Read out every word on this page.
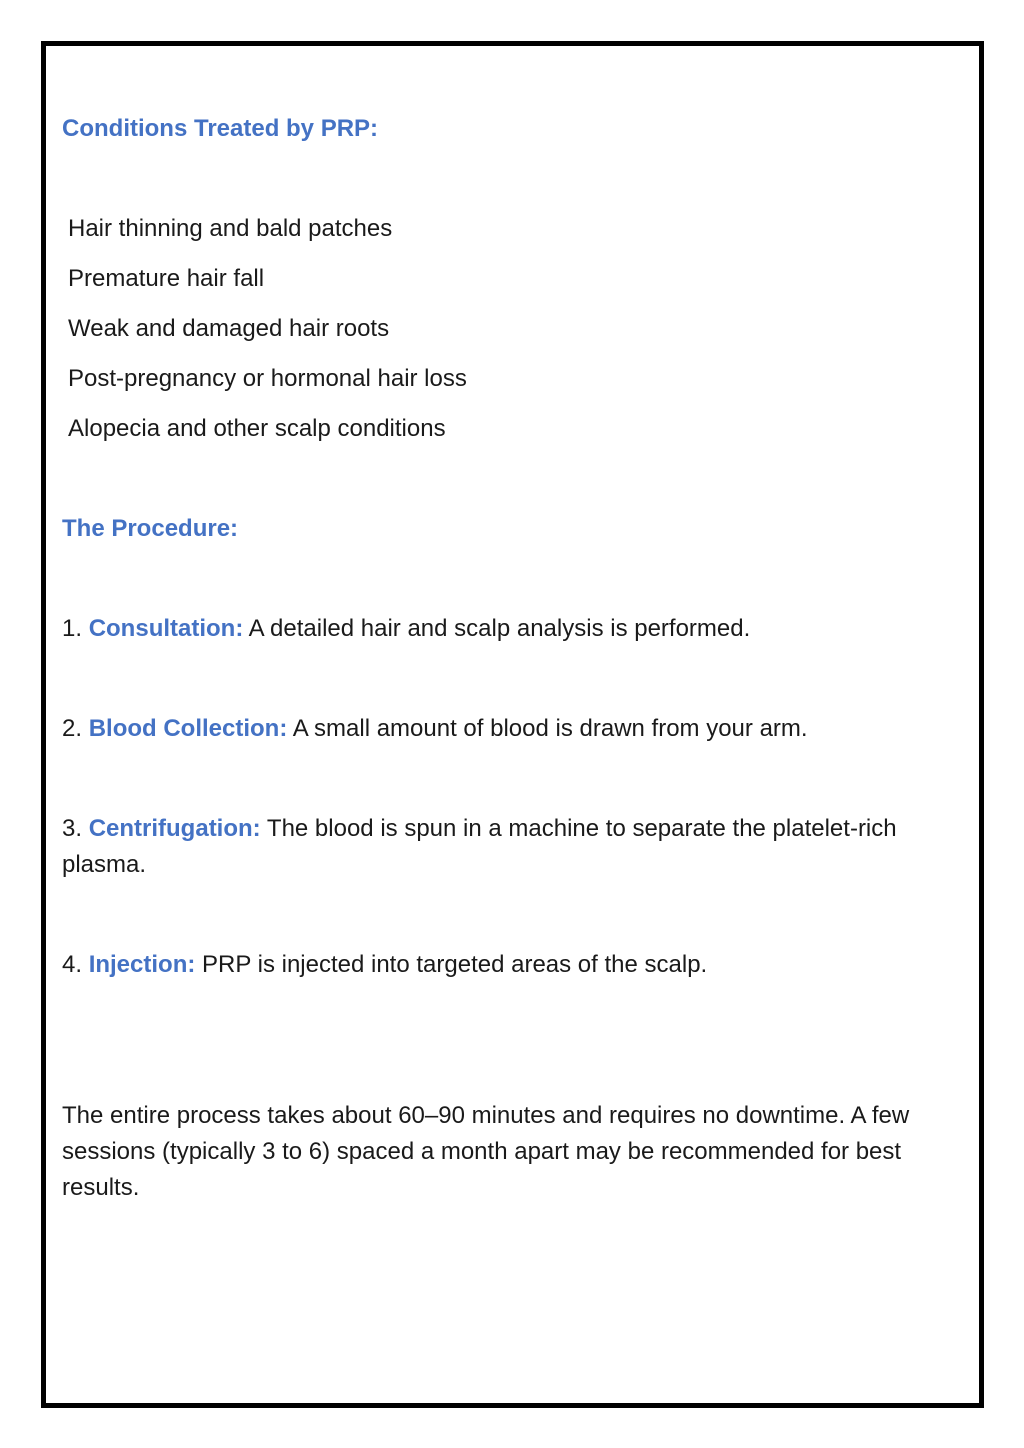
Conditions Treated by PRP:

Hair thinning and bald patches

Premature hair fall

Weak and damaged hair roots

Post-pregnancy or hormonal hair loss

Alopecia and other scalp conditions

The Procedure:

1. Consultation: A detailed hair and scalp analysis is performed.

2. Blood Collection: A small amount of blood is drawn from your arm.

3. Centrifugation: The blood is spun in a machine to separate the platelet-rich plasma.

4. Injection: PRP is injected into targeted areas of the scalp.

The entire process takes about 60–90 minutes and requires no downtime. A few sessions (typically 3 to 6) spaced a month apart may be recommended for best results.
